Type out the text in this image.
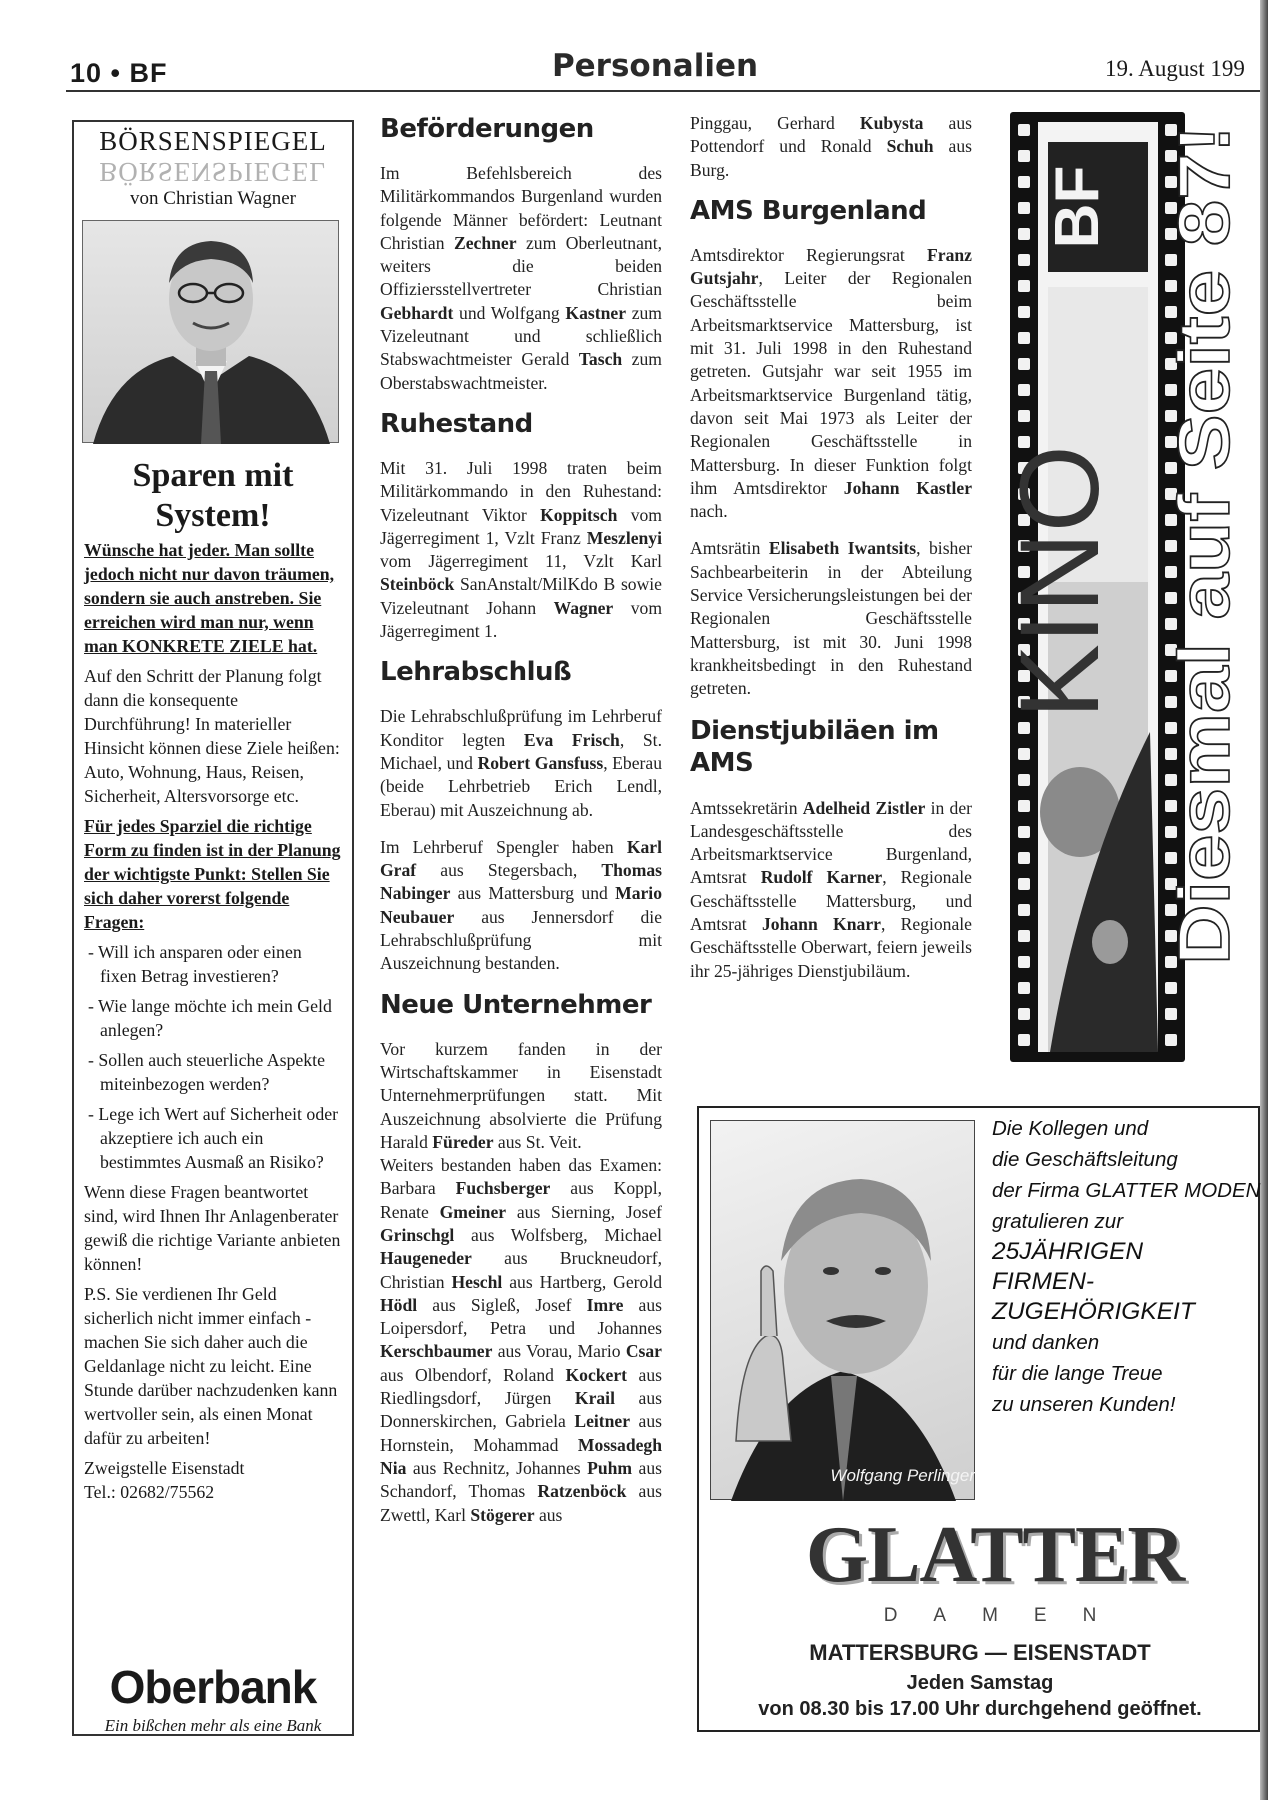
10 • BF	Personalien	19. August 199
BÖRSENSPIEGEL
BÖRSENSPIEGEL
von Christian Wagner
Sparen mit
System!

Wünsche hat jeder. Man sollte jedoch nicht nur davon träumen, sondern sie auch anstreben. Sie erreichen wird man nur, wenn man KONKRETE ZIELE hat.

Auf den Schritt der Planung folgt dann die konsequente Durchführung! In materieller Hinsicht können diese Ziele heißen: Auto, Wohnung, Haus, Reisen, Sicherheit, Altersvorsorge etc.

Für jedes Sparziel die richtige Form zu finden ist in der Planung der wichtigste Punkt: Stellen Sie sich daher vorerst folgende Fragen:

- Will ich ansparen oder einen fixen Betrag investieren?

- Wie lange möchte ich mein Geld anlegen?

- Sollen auch steuerliche Aspekte miteinbezogen werden?

- Lege ich Wert auf Sicherheit oder akzeptiere ich auch ein bestimmtes Ausmaß an Risiko?

Wenn diese Fragen beantwortet sind, wird Ihnen Ihr Anlagenberater gewiß die richtige Variante anbieten können!

P.S. Sie verdienen Ihr Geld sicherlich nicht immer einfach - machen Sie sich daher auch die Geldanlage nicht zu leicht. Eine Stunde darüber nachzudenken kann wertvoller sein, als einen Monat dafür zu arbeiten!

Zweigstelle Eisenstadt
Tel.: 02682/75562
Oberbank
Ein bißchen mehr als eine Bank
Beförderungen

Im Befehlsbereich des Militärkommandos Burgenland wurden folgende Männer befördert: Leutnant Christian Zechner zum Oberleutnant, weiters die beiden Offiziersstellvertreter Christian Gebhardt und Wolfgang Kastner zum Vizeleutnant und schließlich Stabswachtmeister Gerald Tasch zum Oberstabswachtmeister.

Ruhestand

Mit 31. Juli 1998 traten beim Militärkommando in den Ruhestand: Vizeleutnant Viktor Koppitsch vom Jägerregiment 1, Vzlt Franz Meszlenyi vom Jägerregiment 11, Vzlt Karl Steinböck SanAnstalt/MilKdo B sowie Vizeleutnant Johann Wagner vom Jägerregiment 1.

Lehrabschluß

Die Lehrabschlußprüfung im Lehrberuf Konditor legten Eva Frisch, St. Michael, und Robert Gansfuss, Eberau (beide Lehrbetrieb Erich Lendl, Eberau) mit Auszeichnung ab.

Im Lehrberuf Spengler haben Karl Graf aus Stegersbach, Thomas Nabinger aus Mattersburg und Mario Neubauer aus Jennersdorf die Lehrabschlußprüfung mit Auszeichnung bestanden.

Neue Unternehmer

Vor kurzem fanden in der Wirtschaftskammer in Eisenstadt Unternehmerprüfungen statt. Mit Auszeichnung absolvierte die Prüfung Harald Füreder aus St. Veit.

Weiters bestanden haben das Examen: Barbara Fuchsberger aus Koppl, Renate Gmeiner aus Sierning, Josef Grinschgl aus Wolfsberg, Michael Haugeneder aus Bruckneudorf, Christian Heschl aus Hartberg, Gerold Hödl aus Sigleß, Josef Imre aus Loipersdorf, Petra und Johannes Kerschbaumer aus Vorau, Mario Csar aus Olbendorf, Roland Kockert aus Riedlingsdorf, Jürgen Krail aus Donnerskirchen, Gabriela Leitner aus Hornstein, Mohammad Mossadegh Nia aus Rechnitz, Johannes Puhm aus Schandorf, Thomas Ratzenböck aus Zwettl, Karl Stögerer aus

Pinggau, Gerhard Kubysta aus Pottendorf und Ronald Schuh aus Burg.

AMS Burgenland

Amtsdirektor Regierungsrat Franz Gutsjahr, Leiter der Regionalen Geschäftsstelle beim Arbeitsmarktservice Mattersburg, ist mit 31. Juli 1998 in den Ruhestand getreten. Gutsjahr war seit 1955 im Arbeitsmarktservice Burgenland tätig, davon seit Mai 1973 als Leiter der Regionalen Geschäftsstelle in Mattersburg. In dieser Funktion folgt ihm Amtsdirektor Johann Kastler nach.

Amtsrätin Elisabeth Iwantsits, bisher Sachbearbeiterin in der Abteilung Service Versicherungsleistungen bei der Regionalen Geschäftsstelle Mattersburg, ist mit 30. Juni 1998 krankheitsbedingt in den Ruhestand getreten.

Dienstjubiläen im AMS

Amtssekretärin Adelheid Zistler in der Landesgeschäftsstelle des Arbeitsmarktservice Burgenland, Amtsrat Rudolf Karner, Regionale Geschäftsstelle Mattersburg, und Amtsrat Johann Knarr, Regionale Geschäftsstelle Oberwart, feiern jeweils ihr 25-jähriges Dienstjubiläum.

BF
KINO Diesmal auf Seite 87!
Wolfgang Perlinger
Die Kollegen und
die Geschäftsleitung
der Firma GLATTER MODEN
gratulieren zur
25JÄHRIGEN
FIRMEN-
ZUGEHÖRIGKEIT
und danken
für die lange Treue
zu unseren Kunden!
GLATTER
DAMEN
MATTERSBURG — EISENSTADT
Jeden Samstag
von 08.30 bis 17.00 Uhr durchgehend geöffnet.
